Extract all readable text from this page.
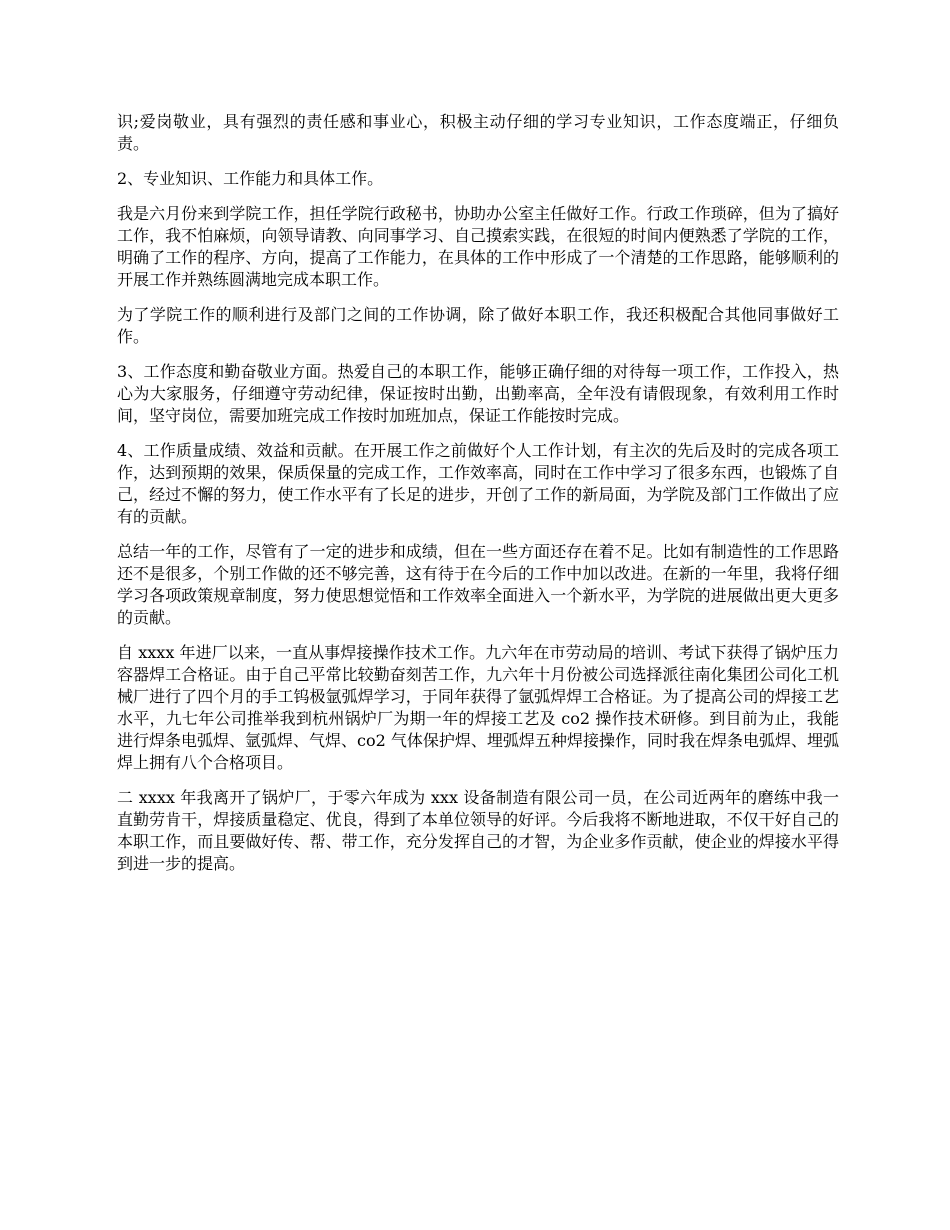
识;爱岗敬业，具有强烈的责任感和事业心，积极主动仔细的学习专业知识，工作态度端正，仔细负责。

2、专业知识、工作能力和具体工作。

我是六月份来到学院工作，担任学院行政秘书，协助办公室主任做好工作。行政工作琐碎，但为了搞好工作，我不怕麻烦，向领导请教、向同事学习、自己摸索实践，在很短的时间内便熟悉了学院的工作，明确了工作的程序、方向，提高了工作能力，在具体的工作中形成了一个清楚的工作思路，能够顺利的开展工作并熟练圆满地完成本职工作。

为了学院工作的顺利进行及部门之间的工作协调，除了做好本职工作，我还积极配合其他同事做好工作。

3、工作态度和勤奋敬业方面。热爱自己的本职工作，能够正确仔细的对待每一项工作，工作投入，热心为大家服务，仔细遵守劳动纪律，保证按时出勤，出勤率高，全年没有请假现象，有效利用工作时间，坚守岗位，需要加班完成工作按时加班加点，保证工作能按时完成。

4、工作质量成绩、效益和贡献。在开展工作之前做好个人工作计划，有主次的先后及时的完成各项工作，达到预期的效果，保质保量的完成工作，工作效率高，同时在工作中学习了很多东西，也锻炼了自己，经过不懈的努力，使工作水平有了长足的进步，开创了工作的新局面，为学院及部门工作做出了应有的贡献。

总结一年的工作，尽管有了一定的进步和成绩，但在一些方面还存在着不足。比如有制造性的工作思路还不是很多，个别工作做的还不够完善，这有待于在今后的工作中加以改进。在新的一年里，我将仔细学习各项政策规章制度，努力使思想觉悟和工作效率全面进入一个新水平，为学院的进展做出更大更多的贡献。

自 xxxx 年进厂以来，一直从事焊接操作技术工作。九六年在市劳动局的培训、考试下获得了锅炉压力容器焊工合格证。由于自己平常比较勤奋刻苦工作，九六年十月份被公司选择派往南化集团公司化工机械厂进行了四个月的手工钨极氩弧焊学习，于同年获得了氩弧焊焊工合格证。为了提高公司的焊接工艺水平，九七年公司推举我到杭州锅炉厂为期一年的焊接工艺及 co2 操作技术研修。到目前为止，我能进行焊条电弧焊、氩弧焊、气焊、co2 气体保护焊、埋弧焊五种焊接操作，同时我在焊条电弧焊、埋弧焊上拥有八个合格项目。

二 xxxx 年我离开了锅炉厂，于零六年成为 xxx 设备制造有限公司一员，在公司近两年的磨练中我一直勤劳肯干，焊接质量稳定、优良，得到了本单位领导的好评。今后我将不断地进取，不仅干好自己的本职工作，而且要做好传、帮、带工作，充分发挥自己的才智，为企业多作贡献，使企业的焊接水平得到进一步的提高。
